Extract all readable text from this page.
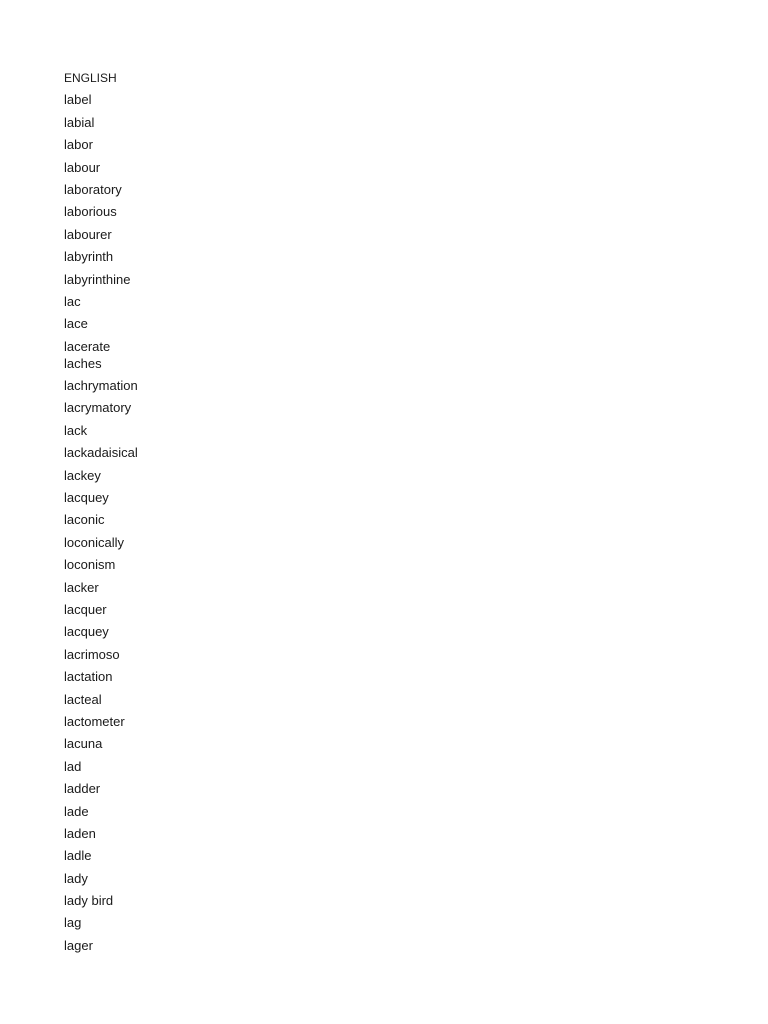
ENGLISH
label
labial
labor
labour
laboratory
laborious
labourer
labyrinth
labyrinthine
lac
lace
lacerate
laches
lachrymation
lacrymatory
lack
lackadaisical
lackey
lacquey
laconic
loconically
loconism
lacker
lacquer
lacquey
lacrimoso
lactation
lacteal
lactometer
lacuna
lad
ladder
lade
laden
ladle
lady
lady bird
lag
lager
